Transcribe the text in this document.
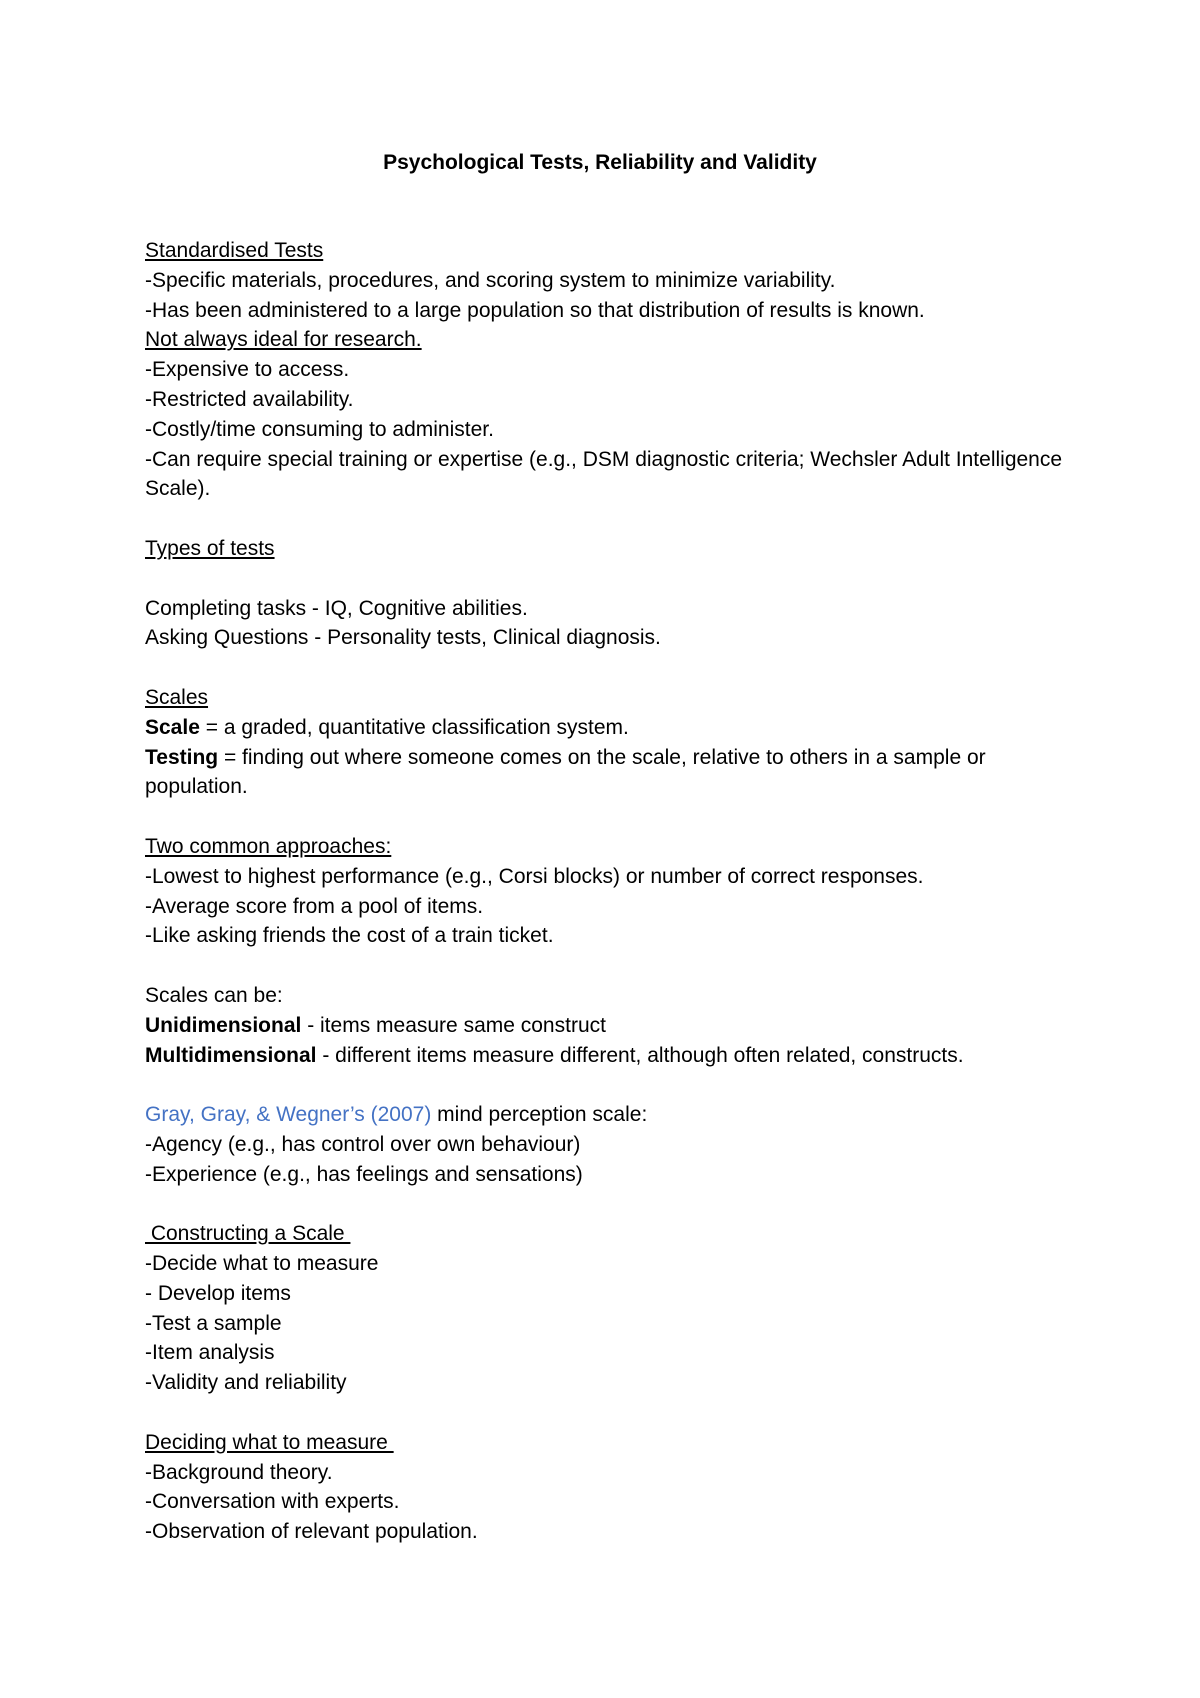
Psychological Tests, Reliability and Validity

Standardised Tests

-Specific materials, procedures, and scoring system to minimize variability.

-Has been administered to a large population so that distribution of results is known.

Not always ideal for research.

-Expensive to access.

-Restricted availability.

-Costly/time consuming to administer.

-Can require special training or expertise (e.g., DSM diagnostic criteria; Wechsler Adult Intelligence Scale).

Types of tests

Completing tasks - IQ, Cognitive abilities.

Asking Questions - Personality tests, Clinical diagnosis.

Scales

Scale = a graded, quantitative classification system.

Testing = finding out where someone comes on the scale, relative to others in a sample or population.

Two common approaches:

-Lowest to highest performance (e.g., Corsi blocks) or number of correct responses.

-Average score from a pool of items.

-Like asking friends the cost of a train ticket.

Scales can be:

Unidimensional - items measure same construct

Multidimensional - different items measure different, although often related, constructs.

Gray, Gray, & Wegner’s (2007) mind perception scale:

-Agency (e.g., has control over own behaviour)

-Experience (e.g., has feelings and sensations)

Constructing a Scale

-Decide what to measure

- Develop items

-Test a sample

-Item analysis

-Validity and reliability

Deciding what to measure

-Background theory.

-Conversation with experts.

-Observation of relevant population.
